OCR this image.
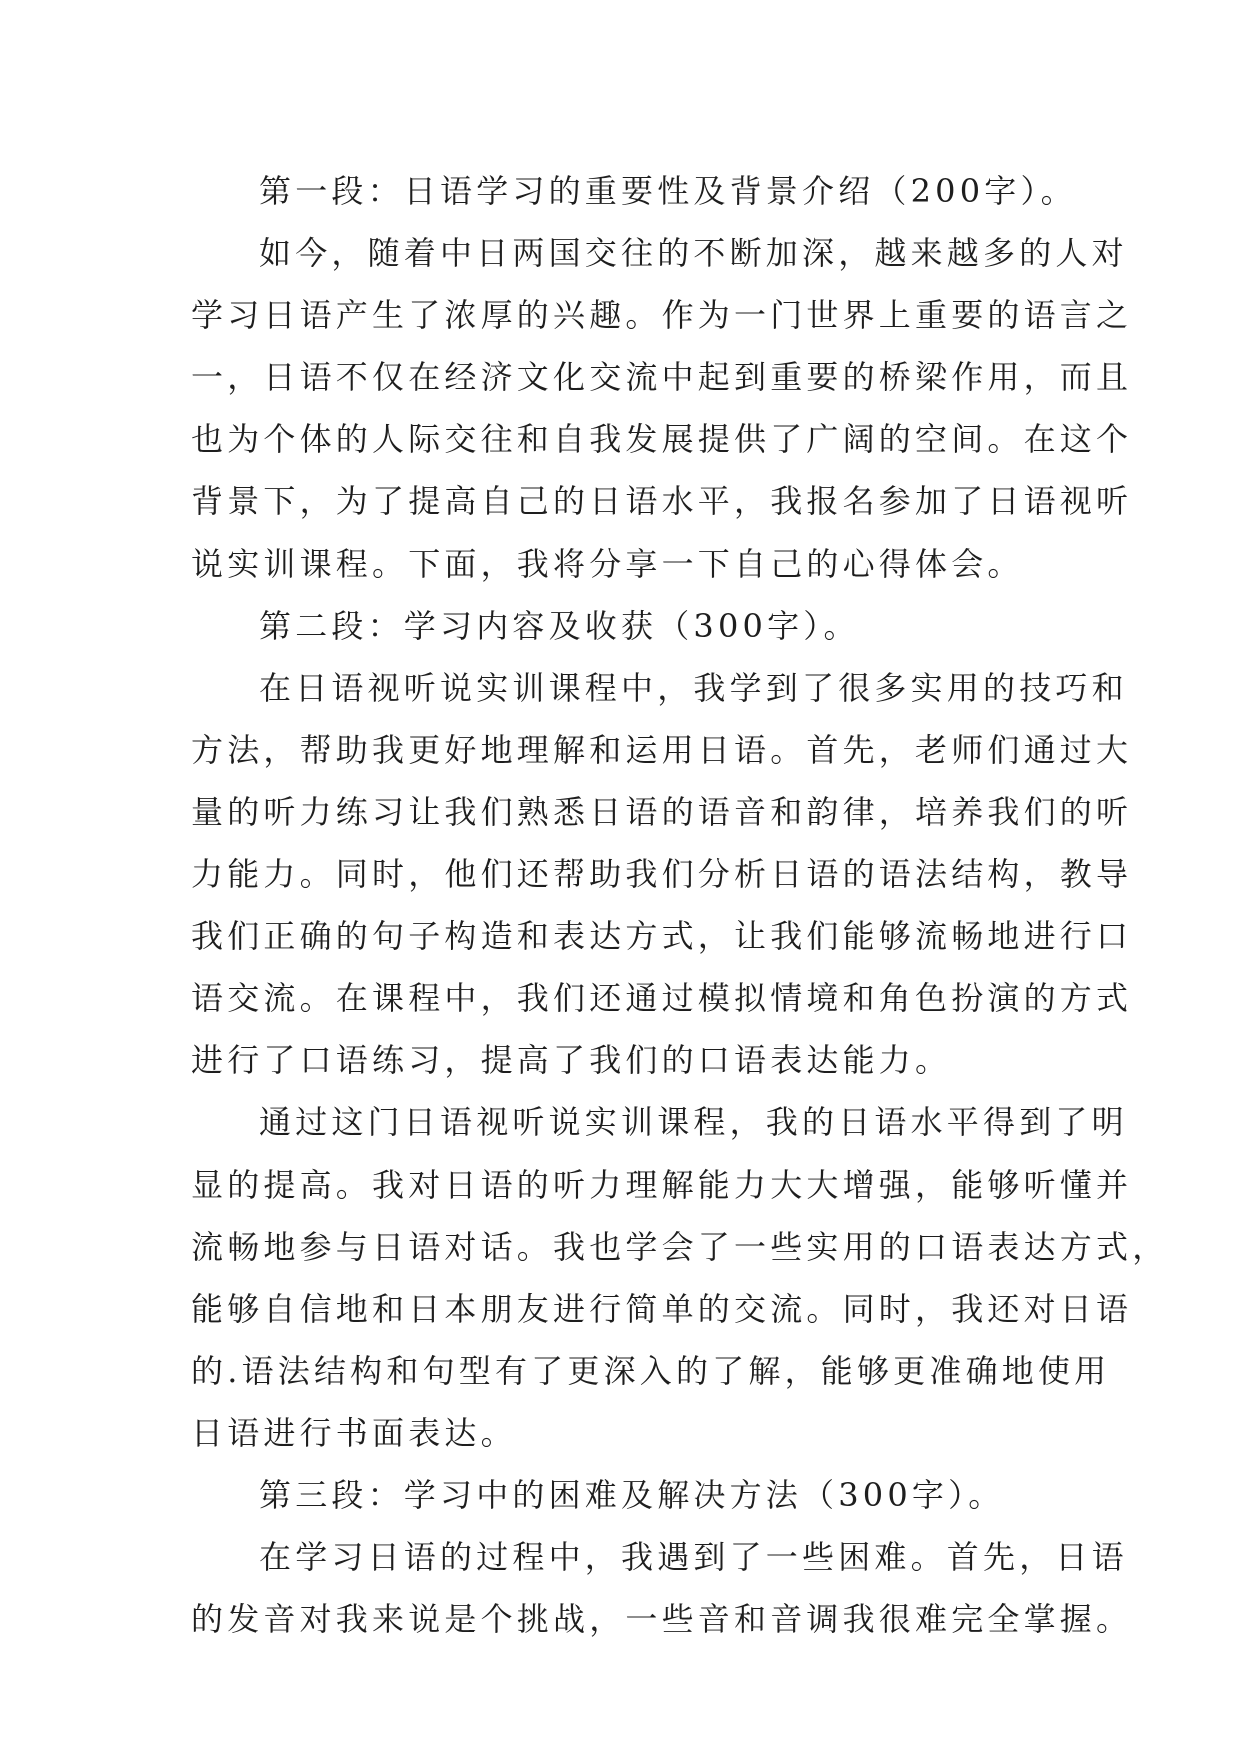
第一段：日语学习的重要性及背景介绍（200字）。
如今，随着中日两国交往的不断加深，越来越多的人对
学习日语产生了浓厚的兴趣。作为一门世界上重要的语言之
一，日语不仅在经济文化交流中起到重要的桥梁作用，而且
也为个体的人际交往和自我发展提供了广阔的空间。在这个
背景下，为了提高自己的日语水平，我报名参加了日语视听
说实训课程。下面，我将分享一下自己的心得体会。
第二段：学习内容及收获（300字）。
在日语视听说实训课程中，我学到了很多实用的技巧和
方法，帮助我更好地理解和运用日语。首先，老师们通过大
量的听力练习让我们熟悉日语的语音和韵律，培养我们的听
力能力。同时，他们还帮助我们分析日语的语法结构，教导
我们正确的句子构造和表达方式，让我们能够流畅地进行口
语交流。在课程中，我们还通过模拟情境和角色扮演的方式
进行了口语练习，提高了我们的口语表达能力。
通过这门日语视听说实训课程，我的日语水平得到了明
显的提高。我对日语的听力理解能力大大增强，能够听懂并
流畅地参与日语对话。我也学会了一些实用的口语表达方式，
能够自信地和日本朋友进行简单的交流。同时，我还对日语
的.语法结构和句型有了更深入的了解，能够更准确地使用
日语进行书面表达。
第三段：学习中的困难及解决方法（300字）。
在学习日语的过程中，我遇到了一些困难。首先，日语
的发音对我来说是个挑战，一些音和音调我很难完全掌握。
